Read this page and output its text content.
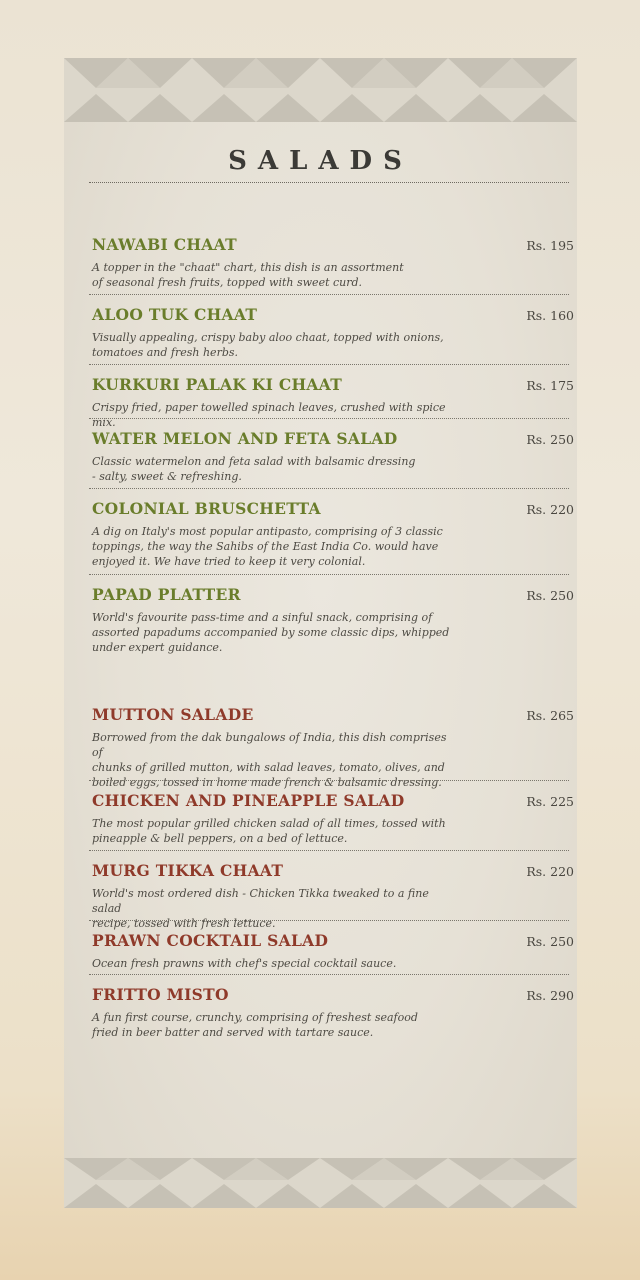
SALADS
NAWABI CHAAT	Rs. 195
A topper in the "chaat" chart, this dish is an assortment
of seasonal fresh fruits, topped with sweet curd.
ALOO TUK CHAAT	Rs. 160
Visually appealing, crispy baby aloo chaat, topped with onions,
tomatoes and fresh herbs.
KURKURI PALAK KI CHAAT	Rs. 175
Crispy fried, paper towelled spinach leaves, crushed with spice mix.
WATER MELON AND FETA SALAD	Rs. 250
Classic watermelon and feta salad with balsamic dressing
- salty, sweet & refreshing.
COLONIAL BRUSCHETTA	Rs. 220
A dig on Italy's most popular antipasto, comprising of 3 classic
toppings, the way the Sahibs of the East India Co. would have
enjoyed it. We have tried to keep it very colonial.
PAPAD PLATTER	Rs. 250
World's favourite pass-time and a sinful snack, comprising of
assorted papadums accompanied by some classic dips, whipped
under expert guidance.
MUTTON SALADE	Rs. 265
Borrowed from the dak bungalows of India, this dish comprises of
chunks of grilled mutton, with salad leaves, tomato, olives, and
boiled eggs, tossed in home made french & balsamic dressing.
CHICKEN AND PINEAPPLE SALAD	Rs. 225
The most popular grilled chicken salad of all times, tossed with
pineapple & bell peppers, on a bed of lettuce.
MURG TIKKA CHAAT	Rs. 220
World's most ordered dish - Chicken Tikka tweaked to a fine salad
recipe, tossed with fresh lettuce.
PRAWN COCKTAIL SALAD	Rs. 250
Ocean fresh prawns with chef's special cocktail sauce.
FRITTO MISTO	Rs. 290
A fun first course, crunchy, comprising of freshest seafood
fried in beer batter and served with tartare sauce.
